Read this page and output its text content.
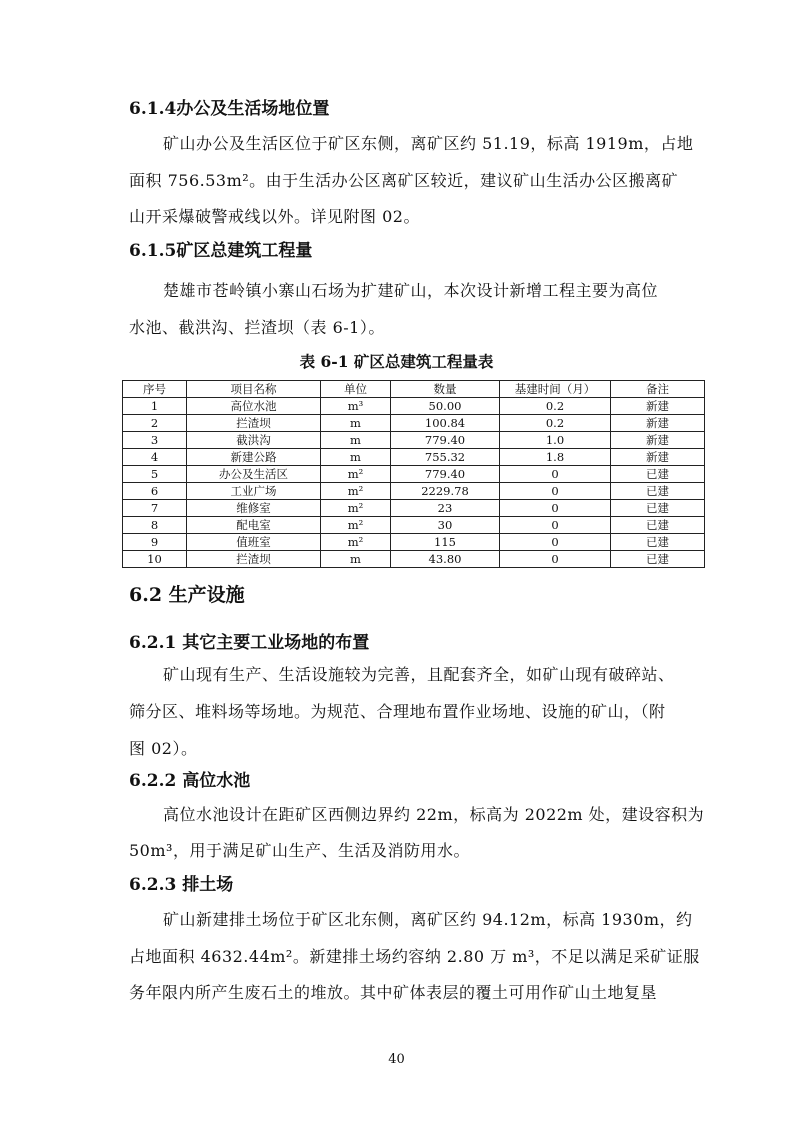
6.1.4办公及生活场地位置
矿山办公及生活区位于矿区东侧，离矿区约 51.19，标高 1919m，占地
面积 756.53m²。由于生活办公区离矿区较近，建议矿山生活办公区搬离矿
山开采爆破警戒线以外。详见附图 02。
6.1.5矿区总建筑工程量
楚雄市苍岭镇小寨山石场为扩建矿山，本次设计新增工程主要为高位
水池、截洪沟、拦渣坝（表 6-1）。
表 6-1 矿区总建筑工程量表
序号	项目名称	单位	数量	基建时间（月）	备注
1	高位水池	m³	50.00	0.2	新建
2	拦渣坝	m	100.84	0.2	新建
3	截洪沟	m	779.40	1.0	新建
4	新建公路	m	755.32	1.8	新建
5	办公及生活区	m²	779.40	0	已建
6	工业广场	m²	2229.78	0	已建
7	维修室	m²	23	0	已建
8	配电室	m²	30	0	已建
9	值班室	m²	115	0	已建
10	拦渣坝	m	43.80	0	已建
6.2 生产设施
6.2.1 其它主要工业场地的布置
矿山现有生产、生活设施较为完善，且配套齐全，如矿山现有破碎站、
筛分区、堆料场等场地。为规范、合理地布置作业场地、设施的矿山，（附
图 02）。
6.2.2 高位水池
高位水池设计在距矿区西侧边界约 22m，标高为 2022m 处，建设容积为
50m³，用于满足矿山生产、生活及消防用水。
6.2.3 排土场
矿山新建排土场位于矿区北东侧，离矿区约 94.12m，标高 1930m，约
占地面积 4632.44m²。新建排土场约容纳 2.80 万 m³，不足以满足采矿证服
务年限内所产生废石土的堆放。其中矿体表层的覆土可用作矿山土地复垦
40
